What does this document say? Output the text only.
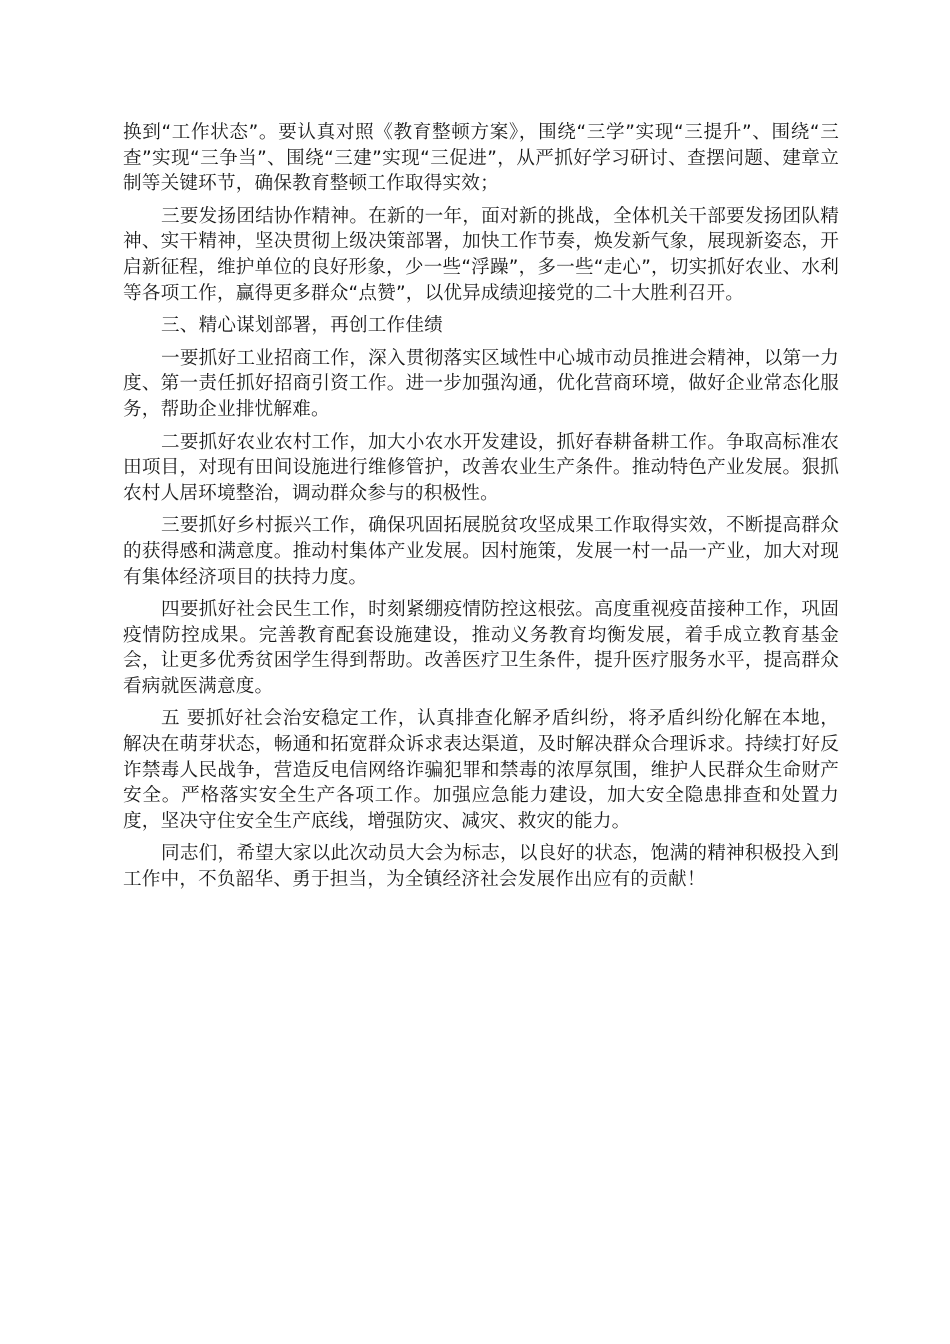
换到“工作状态”。要认真对照《教育整顿方案》，围绕“三学”实现“三提升”、围绕“三查”实现“三争当”、围绕“三建”实现“三促进”，从严抓好学习研讨、查摆问题、建章立制等关键环节，确保教育整顿工作取得实效；

三要发扬团结协作精神。在新的一年，面对新的挑战，全体机关干部要发扬团队精神、实干精神，坚决贯彻上级决策部署，加快工作节奏，焕发新气象，展现新姿态，开启新征程，维护单位的良好形象，少一些“浮躁”，多一些“走心”，切实抓好农业、水利等各项工作，赢得更多群众“点赞”，以优异成绩迎接党的二十大胜利召开。

三、精心谋划部署，再创工作佳绩

一要抓好工业招商工作，深入贯彻落实区域性中心城市动员推进会精神，以第一力度、第一责任抓好招商引资工作。进一步加强沟通，优化营商环境，做好企业常态化服务，帮助企业排忧解难。

二要抓好农业农村工作，加大小农水开发建设，抓好春耕备耕工作。争取高标准农田项目，对现有田间设施进行维修管护，改善农业生产条件。推动特色产业发展。狠抓农村人居环境整治，调动群众参与的积极性。

三要抓好乡村振兴工作，确保巩固拓展脱贫攻坚成果工作取得实效，不断提高群众的获得感和满意度。推动村集体产业发展。因村施策，发展一村一品一产业，加大对现有集体经济项目的扶持力度。

四要抓好社会民生工作，时刻紧绷疫情防控这根弦。高度重视疫苗接种工作，巩固疫情防控成果。完善教育配套设施建设，推动义务教育均衡发展，着手成立教育基金会，让更多优秀贫困学生得到帮助。改善医疗卫生条件，提升医疗服务水平，提高群众看病就医满意度。

五 要抓好社会治安稳定工作，认真排查化解矛盾纠纷，将矛盾纠纷化解在本地，解决在萌芽状态，畅通和拓宽群众诉求表达渠道，及时解决群众合理诉求。持续打好反诈禁毒人民战争，营造反电信网络诈骗犯罪和禁毒的浓厚氛围，维护人民群众生命财产安全。严格落实安全生产各项工作。加强应急能力建设，加大安全隐患排查和处置力度，坚决守住安全生产底线，增强防灾、减灾、救灾的能力。

同志们，希望大家以此次动员大会为标志，以良好的状态，饱满的精神积极投入到工作中，不负韶华、勇于担当，为全镇经济社会发展作出应有的贡献！
